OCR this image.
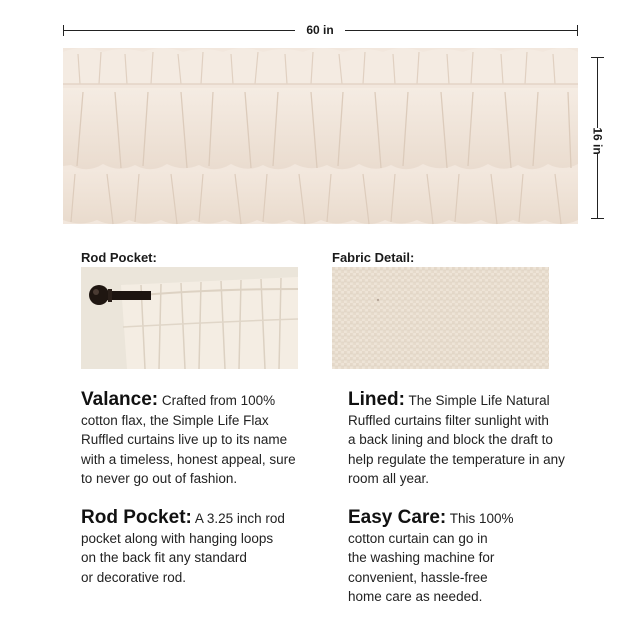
60 in
16 in
Rod Pocket:	Fabric Detail:
Valance: Crafted from 100%
cotton flax, the Simple Life Flax
Ruffled curtains live up to its name
with a timeless, honest appeal, sure
to never go out of fashion.
Lined: The Simple Life Natural
Ruffled curtains filter sunlight with
a back lining and block the draft to
help regulate the temperature in any
room all year.
Rod Pocket: A 3.25 inch rod
pocket along with hanging loops
on the back fit any standard
or decorative rod.
Easy Care: This 100%
cotton curtain can go in
the washing machine for
convenient, hassle-free
home care as needed.
